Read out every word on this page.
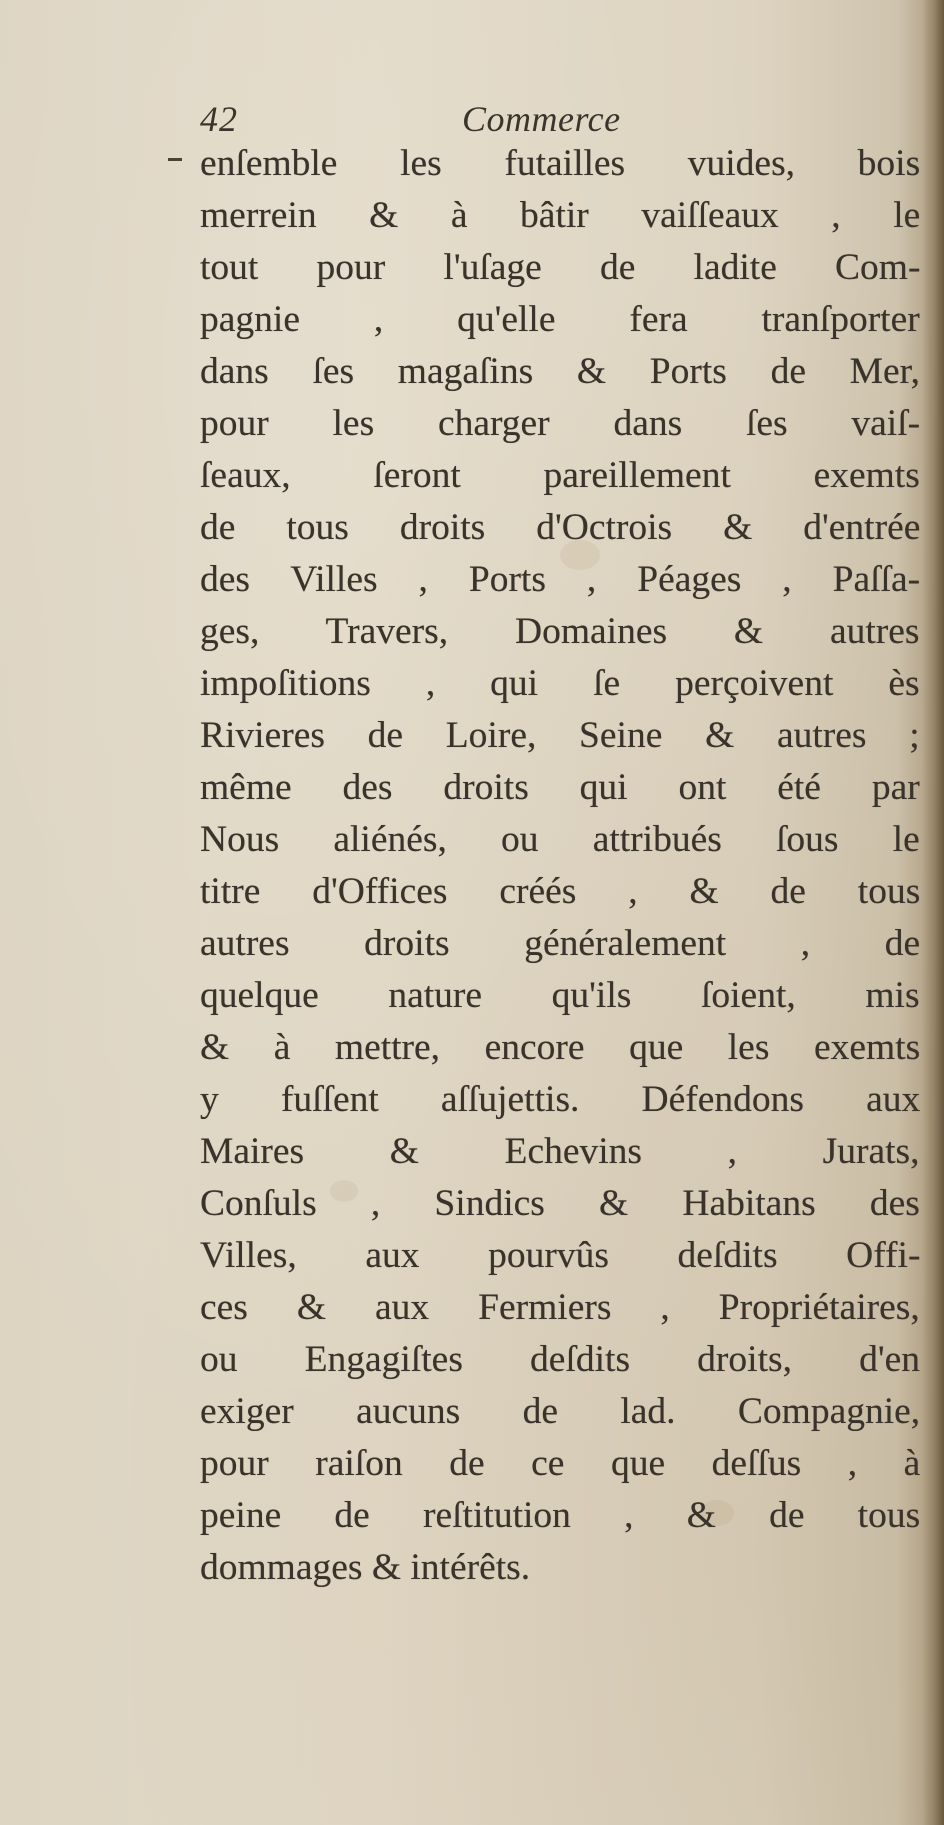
42	Commerce
enſemble les futailles vuides, bois
merrein & à bâtir vaiſſeaux , le
tout pour l'uſage de ladite Com-
pagnie , qu'elle fera tranſporter
dans ſes magaſins & Ports de Mer,
pour les charger dans ſes vaiſ-
ſeaux, ſeront pareillement exemts
de tous droits d'Octrois & d'entrée
des Villes , Ports , Péages , Paſſa-
ges, Travers, Domaines & autres
impoſitions , qui ſe perçoivent ès
Rivieres de Loire, Seine & autres ;
même des droits qui ont été par
Nous aliénés, ou attribués ſous le
titre d'Offices créés , & de tous
autres droits généralement , de
quelque nature qu'ils ſoient, mis
& à mettre, encore que les exemts
y fuſſent aſſujettis. Défendons aux
Maires & Echevins , Jurats,
Conſuls , Sindics & Habitans des
Villes, aux pourvûs deſdits Offi-
ces & aux Fermiers , Propriétaires,
ou Engagiſtes deſdits droits, d'en
exiger aucuns de lad. Compagnie,
pour raiſon de ce que deſſus , à
peine de reſtitution , & de tous
dommages & intérêts.
